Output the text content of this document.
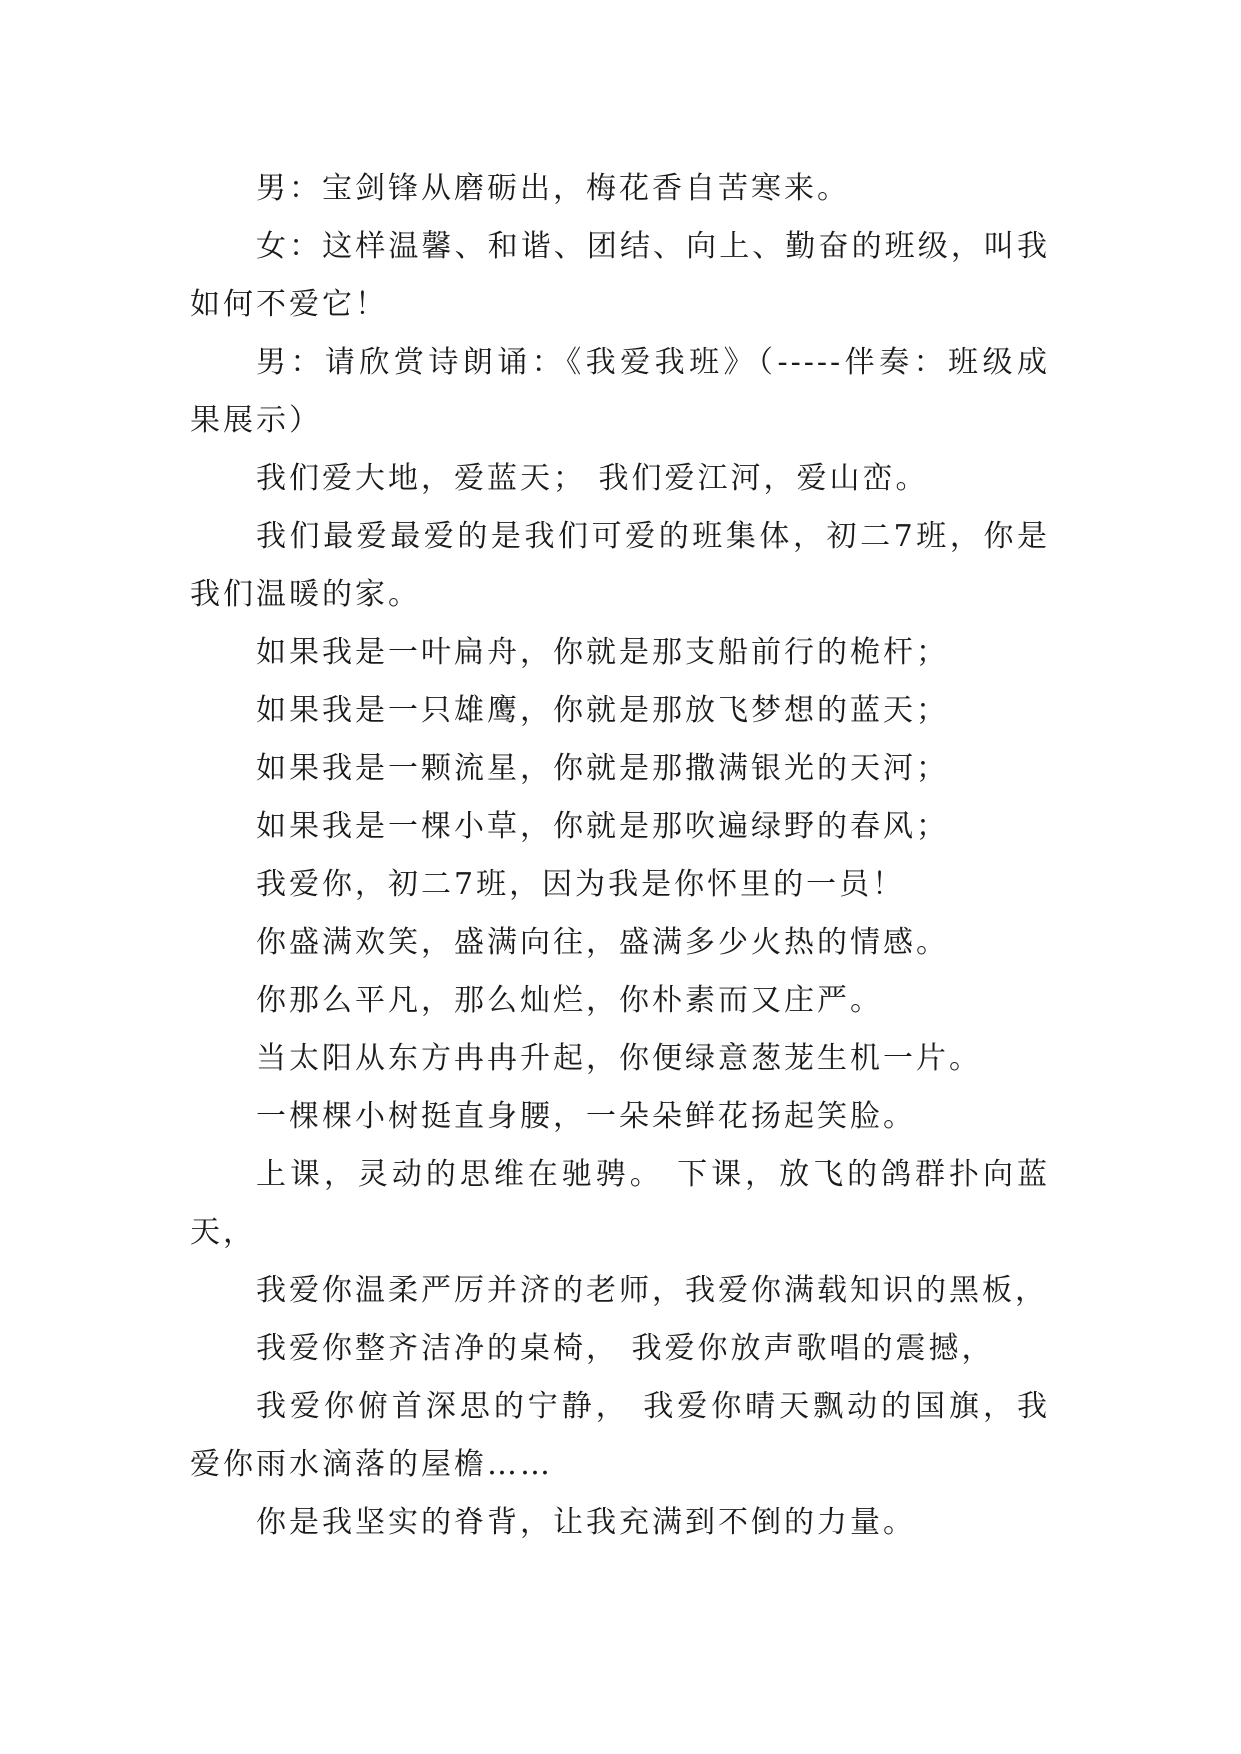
男：宝剑锋从磨砺出，梅花香自苦寒来。

女：这样温馨、和谐、团结、向上、勤奋的班级，叫我如何不爱它！

男：请欣赏诗朗诵：《我爱我班》（-----伴奏：班级成果展示）

我们爱大地，爱蓝天； 我们爱江河，爱山峦。

我们最爱最爱的是我们可爱的班集体，初二7班，你是我们温暖的家。

如果我是一叶扁舟，你就是那支船前行的桅杆；

如果我是一只雄鹰，你就是那放飞梦想的蓝天；

如果我是一颗流星，你就是那撒满银光的天河；

如果我是一棵小草，你就是那吹遍绿野的春风；

我爱你，初二7班，因为我是你怀里的一员！

你盛满欢笑，盛满向往，盛满多少火热的情感。

你那么平凡，那么灿烂，你朴素而又庄严。

当太阳从东方冉冉升起，你便绿意葱茏生机一片。

一棵棵小树挺直身腰，一朵朵鲜花扬起笑脸。

上课，灵动的思维在驰骋。 下课，放飞的鸽群扑向蓝天，

我爱你温柔严厉并济的老师，我爱你满载知识的黑板，

我爱你整齐洁净的桌椅， 我爱你放声歌唱的震撼，

我爱你俯首深思的宁静， 我爱你晴天飘动的国旗，我爱你雨水滴落的屋檐……

你是我坚实的脊背，让我充满到不倒的力量。
